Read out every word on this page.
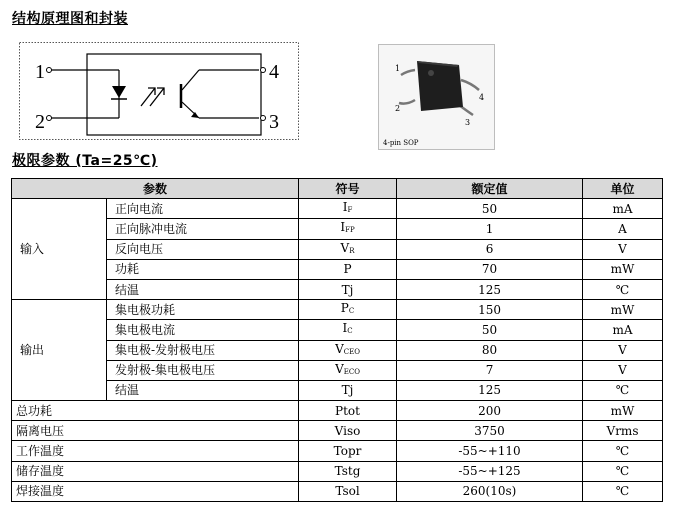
结构原理图和封装
1
2
4
3
1
2
4
3
4-pin SOP
极限参数 (Ta=25℃)
参数		符号	额定值	单位
输入	正向电流	$I_F$	50	mA
	正向脉冲电流	$I_{FP}$	1	A
	反向电压	$V_R$	6	V
	功耗	P	70	mW
	结温	Tj	125	℃
输出	集电极功耗	$P_C$	150	mW
	集电极电流	$I_C$	50	mA
	集电极-发射极电压	$V_{CEO}$	80	V
	发射极-集电极电压	$V_{ECO}$	7	V
	结温	Tj	125	℃
总功耗		Ptot	200	mW
隔离电压		Viso	3750	Vrms
工作温度		Topr	-55~+110	℃
储存温度		Tstg	-55~+125	℃
焊接温度		Tsol	260(10s)	℃
